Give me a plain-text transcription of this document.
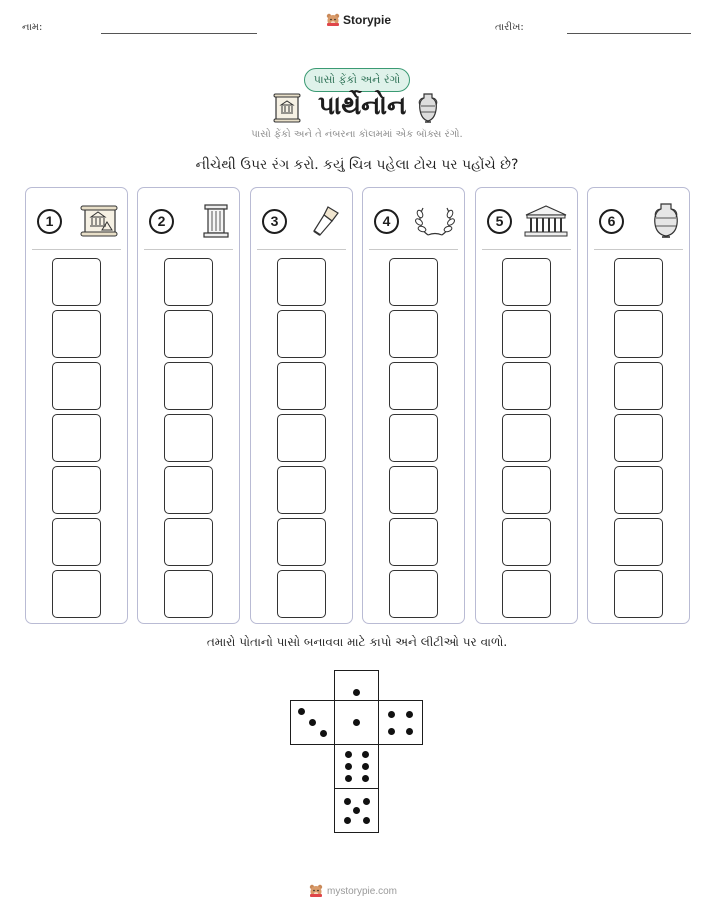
નામ:
Storypie
તારીખ:
પાસો ફેંકો અને રંગો
પાર્થેનોન
પાસો ફેંકો અને તે નંબરના કૉલમમાં એક બૉક્સ રંગો.
નીચેથી ઉપર રંગ કરો. કયું ચિત્ર પહેલા ટોચ પર પહોંચે છે?
1	2	3	4	5	6
તમારો પોતાનો પાસો બનાવવા માટે કાપો અને લીટીઓ પર વાળો.
mystorypie.com
